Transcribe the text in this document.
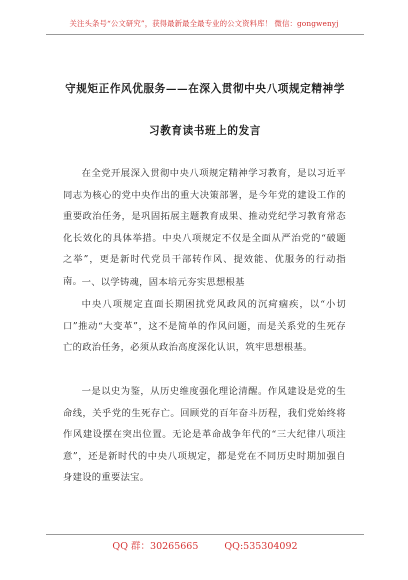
关注头条号“公文研究”，获得最新最全最专业的公文资料库！ 微信：gongwenyj
守规矩正作风优服务——在深入贯彻中央八项规定精神学
习教育读书班上的发言

在全党开展深入贯彻中央八项规定精神学习教育，是以习近平同志为核心的党中央作出的重大决策部署，是今年党的建设工作的重要政治任务，是巩固拓展主题教育成果、推动党纪学习教育常态化长效化的具体举措。中央八项规定不仅是全面从严治党的“破题之举”，更是新时代党员干部转作风、提效能、优服务的行动指南。 一、以学铸魂，固本培元夯实思想根基

中央八项规定直面长期困扰党风政风的沉疴痼疾，以“小切口”推动“大变革”，这不是简单的作风问题，而是关系党的生死存亡的政治任务，必须从政治高度深化认识，筑牢思想根基。

一是以史为鉴，从历史维度强化理论清醒。作风建设是党的生命线，关乎党的生死存亡。回顾党的百年奋斗历程，我们党始终将作风建设摆在突出位置。无论是革命战争年代的“三大纪律八项注意”，还是新时代的中央八项规定，都是党在不同历史时期加强自身建设的重要法宝。

QQ 群：30265665	QQ:535304092
